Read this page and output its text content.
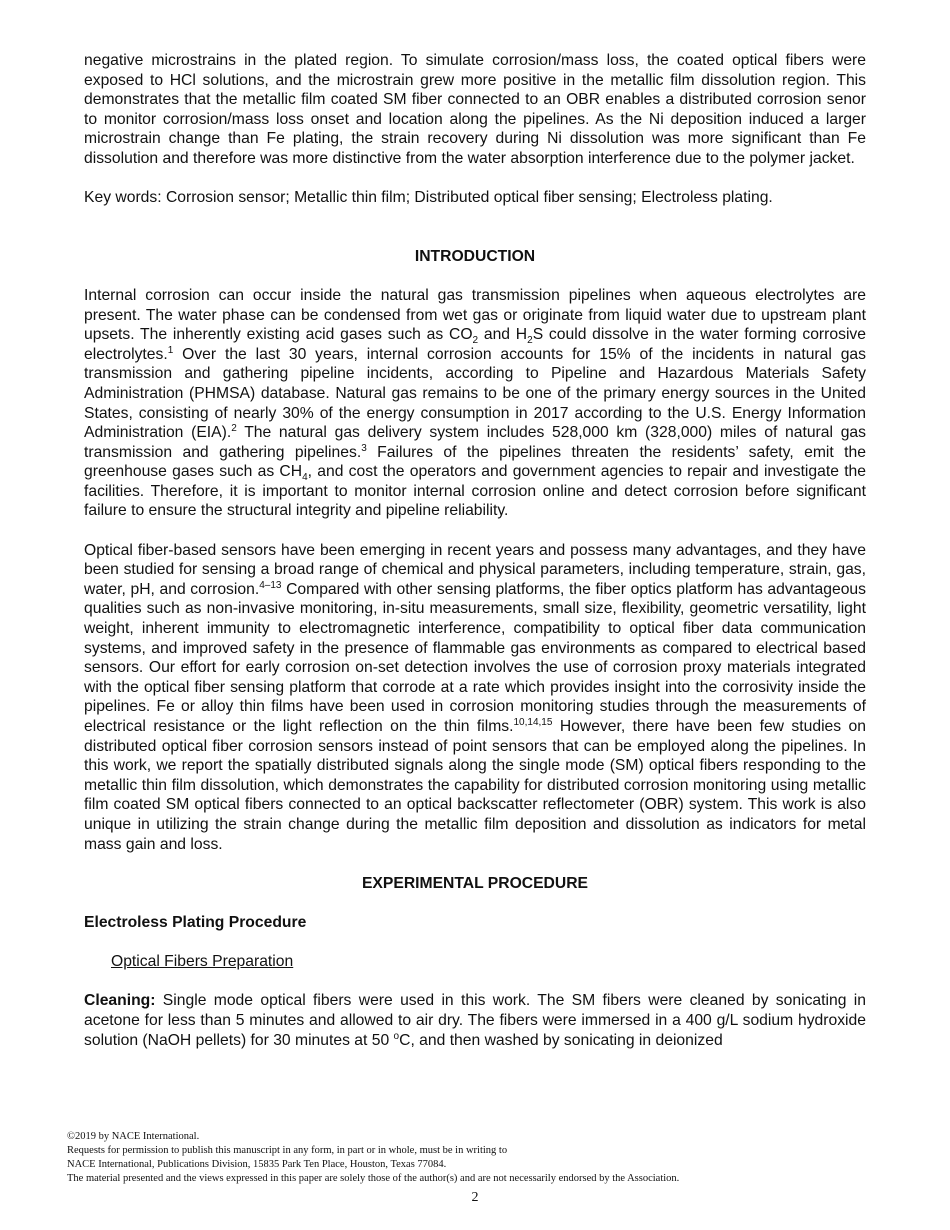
negative microstrains in the plated region. To simulate corrosion/mass loss, the coated optical fibers were exposed to HCl solutions, and the microstrain grew more positive in the metallic film dissolution region. This demonstrates that the metallic film coated SM fiber connected to an OBR enables a distributed corrosion senor to monitor corrosion/mass loss onset and location along the pipelines. As the Ni deposition induced a larger microstrain change than Fe plating, the strain recovery during Ni dissolution was more significant than Fe dissolution and therefore was more distinctive from the water absorption interference due to the polymer jacket.

Key words: Corrosion sensor; Metallic thin film; Distributed optical fiber sensing; Electroless plating.

INTRODUCTION

Internal corrosion can occur inside the natural gas transmission pipelines when aqueous electrolytes are present. The water phase can be condensed from wet gas or originate from liquid water due to upstream plant upsets. The inherently existing acid gases such as $CO_2$ and $H_2S$ could dissolve in the water forming corrosive electrolytes.$^1$ Over the last 30 years, internal corrosion accounts for 15% of the incidents in natural gas transmission and gathering pipeline incidents, according to Pipeline and Hazardous Materials Safety Administration (PHMSA) database. Natural gas remains to be one of the primary energy sources in the United States, consisting of nearly 30% of the energy consumption in 2017 according to the U.S. Energy Information Administration (EIA).$^2$ The natural gas delivery system includes 528,000 km (328,000) miles of natural gas transmission and gathering pipelines.$^3$ Failures of the pipelines threaten the residents’ safety, emit the greenhouse gases such as $CH_4$, and cost the operators and government agencies to repair and investigate the facilities. Therefore, it is important to monitor internal corrosion online and detect corrosion before significant failure to ensure the structural integrity and pipeline reliability.

Optical fiber-based sensors have been emerging in recent years and possess many advantages, and they have been studied for sensing a broad range of chemical and physical parameters, including temperature, strain, gas, water, pH, and corrosion.$^{4-13}$ Compared with other sensing platforms, the fiber optics platform has advantageous qualities such as non-invasive monitoring, in-situ measurements, small size, flexibility, geometric versatility, light weight, inherent immunity to electromagnetic interference, compatibility to optical fiber data communication systems, and improved safety in the presence of flammable gas environments as compared to electrical based sensors. Our effort for early corrosion on-set detection involves the use of corrosion proxy materials integrated with the optical fiber sensing platform that corrode at a rate which provides insight into the corrosivity inside the pipelines. Fe or alloy thin films have been used in corrosion monitoring studies through the measurements of electrical resistance or the light reflection on the thin films.$^{10,14,15}$ However, there have been few studies on distributed optical fiber corrosion sensors instead of point sensors that can be employed along the pipelines. In this work, we report the spatially distributed signals along the single mode (SM) optical fibers responding to the metallic thin film dissolution, which demonstrates the capability for distributed corrosion monitoring using metallic film coated SM optical fibers connected to an optical backscatter reflectometer (OBR) system. This work is also unique in utilizing the strain change during the metallic film deposition and dissolution as indicators for metal mass gain and loss.

EXPERIMENTAL PROCEDURE

Electroless Plating Procedure

Optical Fibers Preparation

Cleaning: Single mode optical fibers were used in this work. The SM fibers were cleaned by sonicating in acetone for less than 5 minutes and allowed to air dry. The fibers were immersed in a 400 g/L sodium hydroxide solution (NaOH pellets) for 30 minutes at 50 $^o$C, and then washed by sonicating in deionized

©2019 by NACE International.
Requests for permission to publish this manuscript in any form, in part or in whole, must be in writing to
NACE International, Publications Division, 15835 Park Ten Place, Houston, Texas 77084.
The material presented and the views expressed in this paper are solely those of the author(s) and are not necessarily endorsed by the Association.
2
